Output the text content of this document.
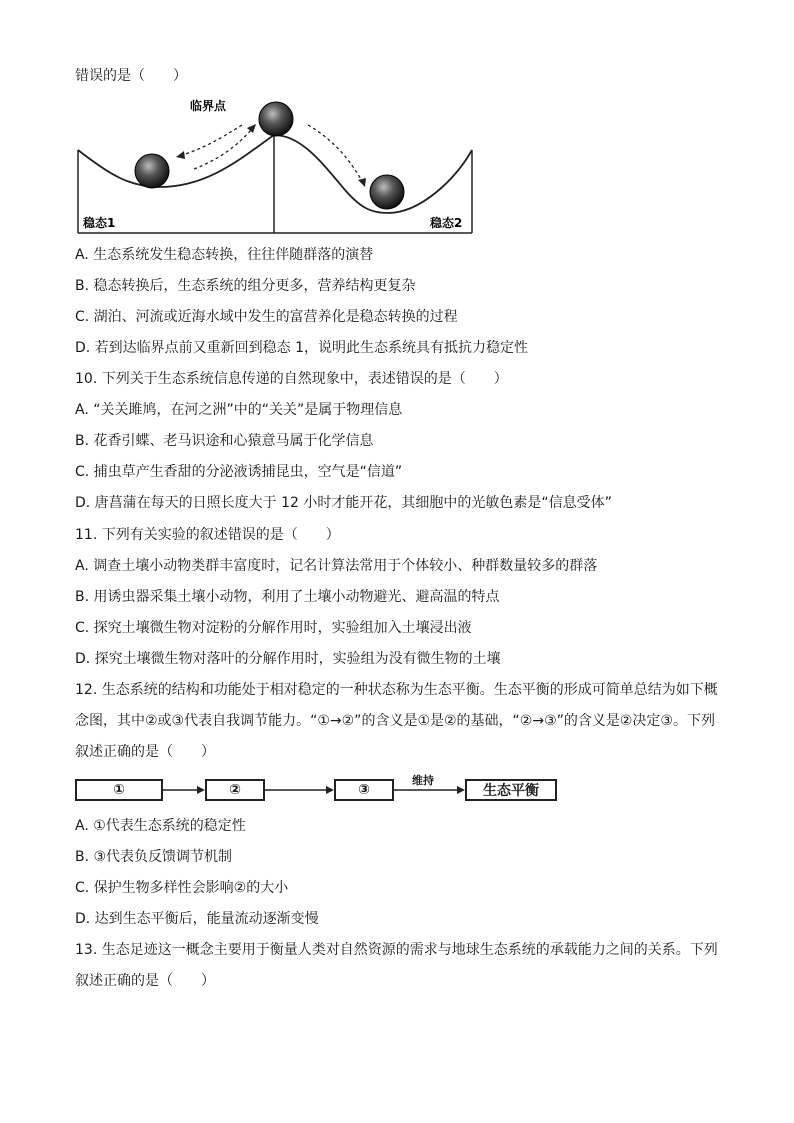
错误的是（　　）
临界点
稳态1	稳态2
A. 生态系统发生稳态转换，往往伴随群落的演替
B. 稳态转换后，生态系统的组分更多，营养结构更复杂
C. 湖泊、河流或近海水域中发生的富营养化是稳态转换的过程
D. 若到达临界点前又重新回到稳态 1，说明此生态系统具有抵抗力稳定性
10. 下列关于生态系统信息传递的自然现象中，表述错误的是（　　）
A. “关关雎鸠，在河之洲”中的“关关”是属于物理信息
B. 花香引蝶、老马识途和心猿意马属于化学信息
C. 捕虫草产生香甜的分泌液诱捕昆虫，空气是“信道”
D. 唐菖蒲在每天的日照长度大于 12 小时才能开花，其细胞中的光敏色素是“信息受体”
11. 下列有关实验的叙述错误的是（　　）
A. 调查土壤小动物类群丰富度时，记名计算法常用于个体较小、种群数量较多的群落
B. 用诱虫器采集土壤小动物，利用了土壤小动物避光、避高温的特点
C. 探究土壤微生物对淀粉的分解作用时，实验组加入土壤浸出液
D. 探究土壤微生物对落叶的分解作用时，实验组为没有微生物的土壤
12. 生态系统的结构和功能处于相对稳定的一种状态称为生态平衡。生态平衡的形成可简单总结为如下概念图，其中②或③代表自我调节能力。“①→②”的含义是①是②的基础，“②→③”的含义是②决定③。下列叙述正确的是（　　）
①	②	③	生态平衡
维持
A. ①代表生态系统的稳定性
B. ③代表负反馈调节机制
C. 保护生物多样性会影响②的大小
D. 达到生态平衡后，能量流动逐渐变慢
13. 生态足迹这一概念主要用于衡量人类对自然资源的需求与地球生态系统的承载能力之间的关系。下列叙述正确的是（　　）
